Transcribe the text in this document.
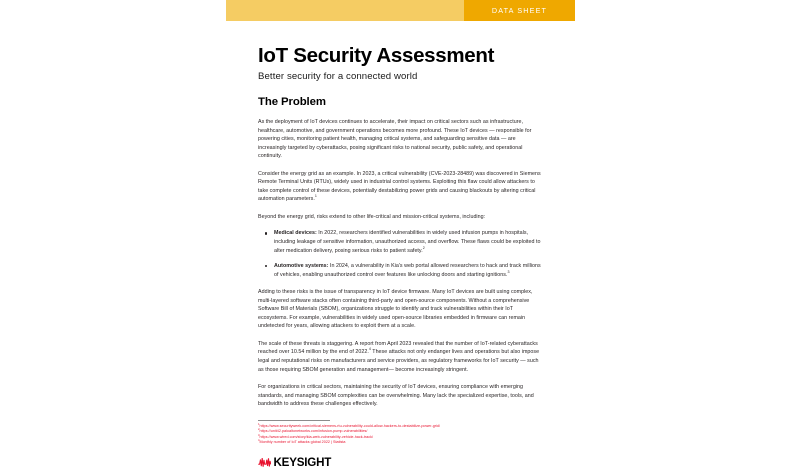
DATA SHEET
IoT Security Assessment
Better security for a connected world
The Problem

As the deployment of IoT devices continues to accelerate, their impact on critical sectors such as infrastructure, healthcare, automotive, and government operations becomes more profound. These IoT devices — responsible for powering cities, monitoring patient health, managing critical systems, and safeguarding sensitive data — are increasingly targeted by cyberattacks, posing significant risks to national security, public safety, and operational continuity.

Consider the energy grid as an example. In 2023, a critical vulnerability (CVE-2023-28489) was discovered in Siemens Remote Terminal Units (RTUs), widely used in industrial control systems. Exploiting this flaw could allow attackers to take complete control of these devices, potentially destabilizing power grids and causing blackouts by altering critical automation parameters.$^1$

Beyond the energy grid, risks extend to other life-critical and mission-critical systems, including:

Medical devices: In 2022, researchers identified vulnerabilities in widely used infusion pumps in hospitals, including leakage of sensitive information, unauthorized access, and overflow. These flaws could be exploited to alter medication delivery, posing serious risks to patient safety.$^2$
Automotive systems: In 2024, a vulnerability in Kia's web portal allowed researchers to hack and track millions of vehicles, enabling unauthorized control over features like unlocking doors and starting ignitions.$^3$

Adding to these risks is the issue of transparency in IoT device firmware. Many IoT devices are built using complex, multi-layered software stacks often containing third-party and open-source components. Without a comprehensive Software Bill of Materials (SBOM), organizations struggle to identify and track vulnerabilities within their IoT ecosystems. For example, vulnerabilities in widely used open-source libraries embedded in firmware can remain undetected for years, allowing attackers to exploit them at a scale.

The scale of these threats is staggering. A report from April 2023 revealed that the number of IoT-related cyberattacks reached over 10.54 million by the end of 2022.$^4$ These attacks not only endanger lives and operations but also impose legal and reputational risks on manufacturers and service providers, as regulatory frameworks for IoT security — such as those requiring SBOM generation and management— become increasingly stringent.

For organizations in critical sectors, maintaining the security of IoT devices, ensuring compliance with emerging standards, and managing SBOM complexities can be overwhelming. Many lack the specialized expertise, tools, and bandwidth to address these challenges effectively.

$^1$https://www.securityweek.com/critical-siemens-rtu-vulnerability-could-allow-hackers-to-destabilize-power-grid/
$^2$https://unit42.paloaltonetworks.com/infusion-pump-vulnerabilities/
$^3$https://www.wired.com/story/kia-web-vulnerability-vehicle-hack-track/
$^4$Monthly number of IoT attacks global 2022 | Statista
KEYSIGHT
